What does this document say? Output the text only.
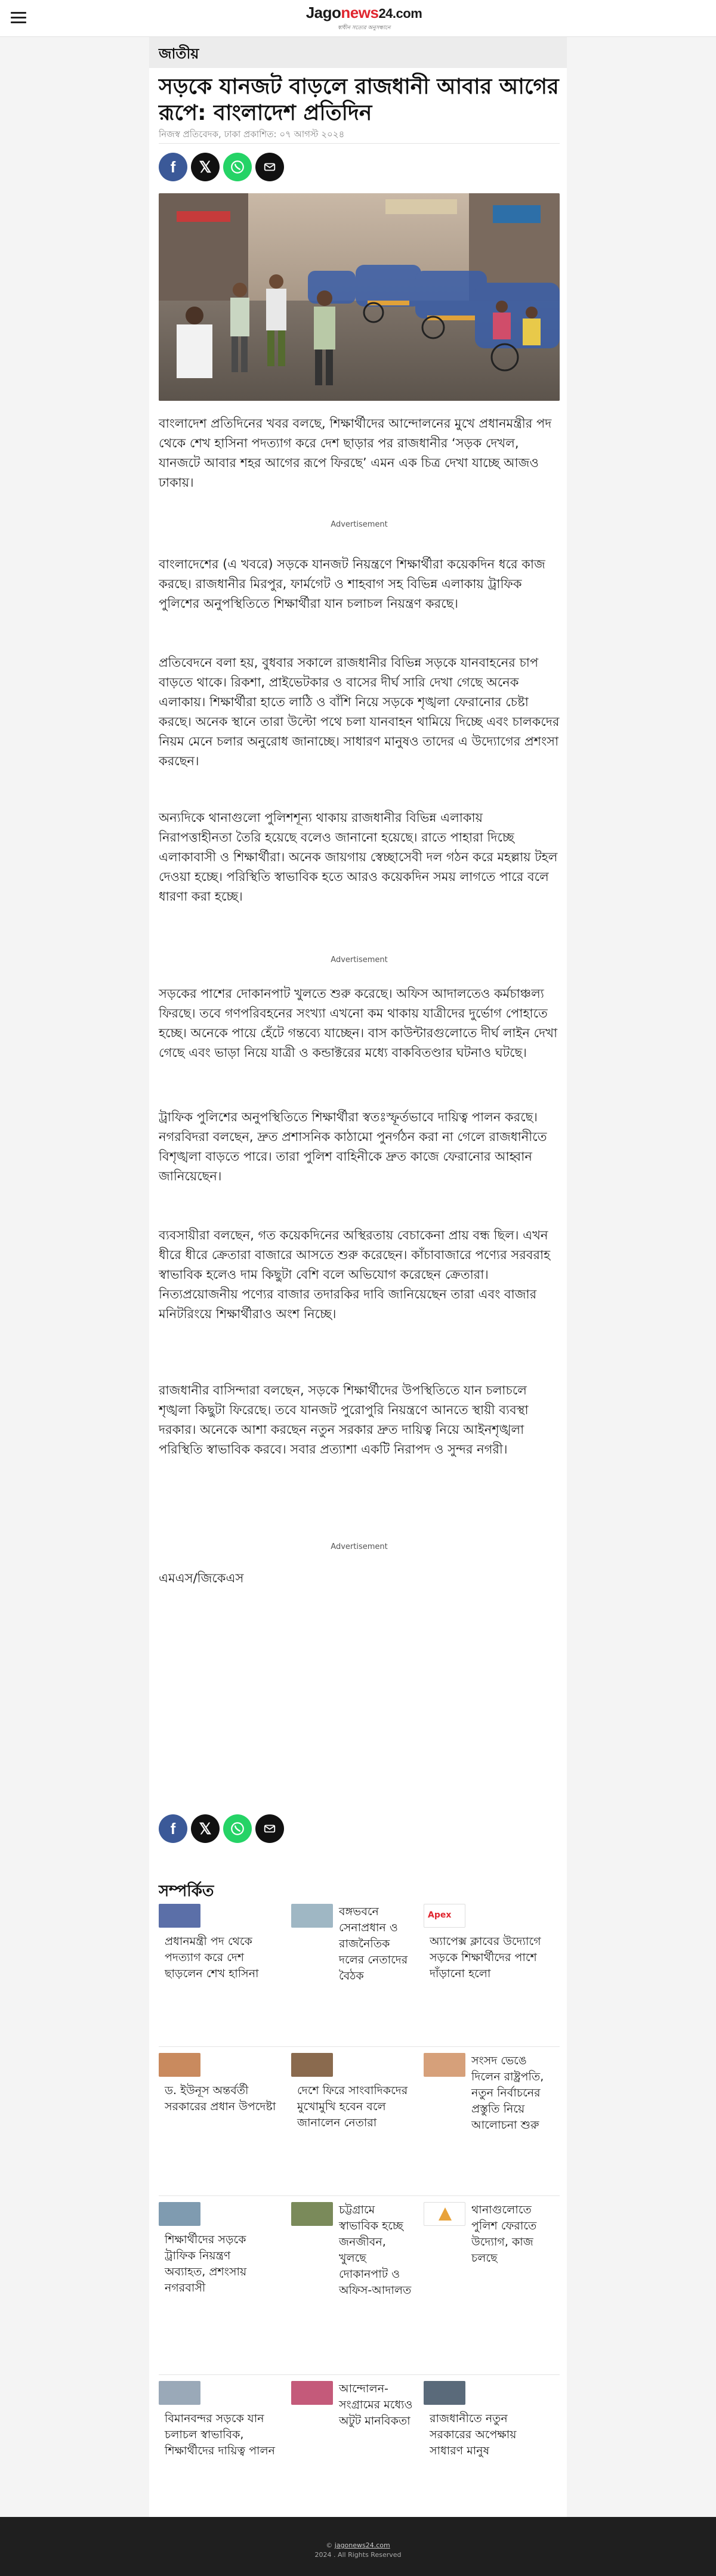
Jagonews24.com
স্বাধীন সত্যের অনুসন্ধানে
জাতীয়
সড়কে যানজট বাড়লে রাজধানী আবার আগের রূপে: বাংলাদেশ প্রতিদিন
নিজস্ব প্রতিবেদক, ঢাকা প্রকাশিত: ০৭ আগস্ট ২০২৪
f	𝕏

বাংলাদেশ প্রতিদিনের খবর বলছে, শিক্ষার্থীদের আন্দোলনের মুখে প্রধানমন্ত্রীর পদ থেকে শেখ হাসিনা পদত্যাগ করে দেশ ছাড়ার পর রাজধানীর ‘সড়ক দেখল, যানজটে আবার শহর আগের রূপে ফিরছে’ এমন এক চিত্র দেখা যাচ্ছে আজও ঢাকায়।

Advertisement

বাংলাদেশের (এ খবরে) সড়কে যানজট নিয়ন্ত্রণে শিক্ষার্থীরা কয়েকদিন ধরে কাজ করছে। রাজধানীর মিরপুর, ফার্মগেট ও শাহবাগ সহ বিভিন্ন এলাকায় ট্রাফিক পুলিশের অনুপস্থিতিতে শিক্ষার্থীরা যান চলাচল নিয়ন্ত্রণ করছে।

প্রতিবেদনে বলা হয়, বুধবার সকালে রাজধানীর বিভিন্ন সড়কে যানবাহনের চাপ বাড়তে থাকে। রিকশা, প্রাইভেটকার ও বাসের দীর্ঘ সারি দেখা গেছে অনেক এলাকায়। শিক্ষার্থীরা হাতে লাঠি ও বাঁশি নিয়ে সড়কে শৃঙ্খলা ফেরানোর চেষ্টা করছে। অনেক স্থানে তারা উল্টো পথে চলা যানবাহন থামিয়ে দিচ্ছে এবং চালকদের নিয়ম মেনে চলার অনুরোধ জানাচ্ছে। সাধারণ মানুষও তাদের এ উদ্যোগের প্রশংসা করছেন।

অন্যদিকে থানাগুলো পুলিশশূন্য থাকায় রাজধানীর বিভিন্ন এলাকায় নিরাপত্তাহীনতা তৈরি হয়েছে বলেও জানানো হয়েছে। রাতে পাহারা দিচ্ছে এলাকাবাসী ও শিক্ষার্থীরা। অনেক জায়গায় স্বেচ্ছাসেবী দল গঠন করে মহল্লায় টহল দেওয়া হচ্ছে। পরিস্থিতি স্বাভাবিক হতে আরও কয়েকদিন সময় লাগতে পারে বলে ধারণা করা হচ্ছে।

Advertisement

সড়কের পাশের দোকানপাট খুলতে শুরু করেছে। অফিস আদালতেও কর্মচাঞ্চল্য ফিরছে। তবে গণপরিবহনের সংখ্যা এখনো কম থাকায় যাত্রীদের দুর্ভোগ পোহাতে হচ্ছে। অনেকে পায়ে হেঁটে গন্তব্যে যাচ্ছেন। বাস কাউন্টারগুলোতে দীর্ঘ লাইন দেখা গেছে এবং ভাড়া নিয়ে যাত্রী ও কন্ডাক্টরের মধ্যে বাকবিতণ্ডার ঘটনাও ঘটছে।

ট্রাফিক পুলিশের অনুপস্থিতিতে শিক্ষার্থীরা স্বতঃস্ফূর্তভাবে দায়িত্ব পালন করছে। নগরবিদরা বলছেন, দ্রুত প্রশাসনিক কাঠামো পুনর্গঠন করা না গেলে রাজধানীতে বিশৃঙ্খলা বাড়তে পারে। তারা পুলিশ বাহিনীকে দ্রুত কাজে ফেরানোর আহ্বান জানিয়েছেন।

ব্যবসায়ীরা বলছেন, গত কয়েকদিনের অস্থিরতায় বেচাকেনা প্রায় বন্ধ ছিল। এখন ধীরে ধীরে ক্রেতারা বাজারে আসতে শুরু করেছেন। কাঁচাবাজারে পণ্যের সরবরাহ স্বাভাবিক হলেও দাম কিছুটা বেশি বলে অভিযোগ করেছেন ক্রেতারা। নিত্যপ্রয়োজনীয় পণ্যের বাজার তদারকির দাবি জানিয়েছেন তারা এবং বাজার মনিটরিংয়ে শিক্ষার্থীরাও অংশ নিচ্ছে।

রাজধানীর বাসিন্দারা বলছেন, সড়কে শিক্ষার্থীদের উপস্থিতিতে যান চলাচলে শৃঙ্খলা কিছুটা ফিরেছে। তবে যানজট পুরোপুরি নিয়ন্ত্রণে আনতে স্থায়ী ব্যবস্থা দরকার। অনেকে আশা করছেন নতুন সরকার দ্রুত দায়িত্ব নিয়ে আইনশৃঙ্খলা পরিস্থিতি স্বাভাবিক করবে। সবার প্রত্যাশা একটি নিরাপদ ও সুন্দর নগরী।

Advertisement

এমএস/জিকেএস

f	𝕏
সম্পর্কিত
প্রধানমন্ত্রী পদ থেকে পদত্যাগ করে দেশ ছাড়লেন শেখ হাসিনা
বঙ্গভবনে সেনাপ্রধান ও রাজনৈতিক দলের নেতাদের বৈঠক
Apex
অ্যাপেক্স ক্লাবের উদ্যোগে সড়কে শিক্ষার্থীদের পাশে দাঁড়ানো হলো
ড. ইউনূস অন্তর্বর্তী সরকারের প্রধান উপদেষ্টা
দেশে ফিরে সাংবাদিকদের মুখোমুখি হবেন বলে জানালেন নেতারা
সংসদ ভেঙে দিলেন রাষ্ট্রপতি, নতুন নির্বাচনের প্রস্তুতি নিয়ে আলোচনা শুরু
শিক্ষার্থীদের সড়কে ট্রাফিক নিয়ন্ত্রণ অব্যাহত, প্রশংসায় নগরবাসী
চট্টগ্রামে স্বাভাবিক হচ্ছে জনজীবন, খুলছে দোকানপাট ও অফিস-আদালত
থানাগুলোতে পুলিশ ফেরাতে উদ্যোগ, কাজ চলছে
বিমানবন্দর সড়কে যান চলাচল স্বাভাবিক, শিক্ষার্থীদের দায়িত্ব পালন
আন্দোলন-সংগ্রামের মধ্যেও অটুট মানবিকতা	রাজধানীতে নতুন সরকারের অপেক্ষায় সাধারণ মানুষ
© jagonews24.com
2024 . All Rights Reserved
